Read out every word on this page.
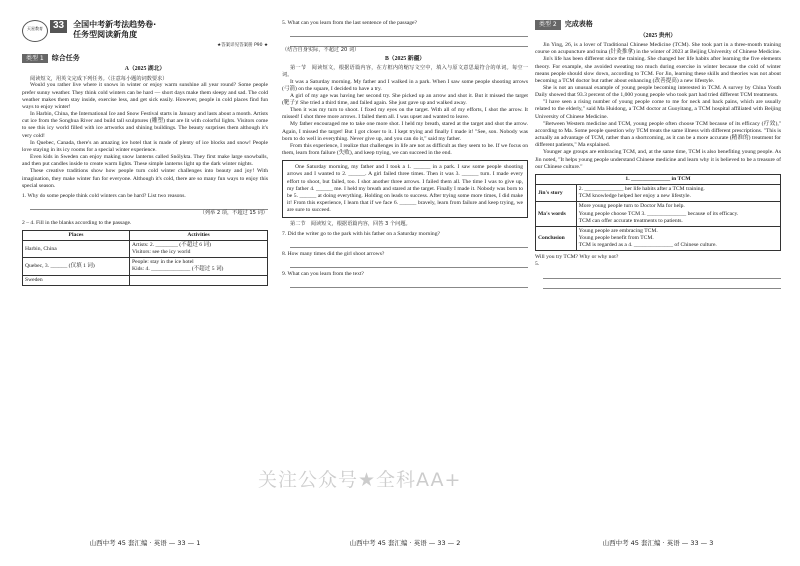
天星教育	33	全国中考新考法趋势卷·
任务型阅读新角度
★答案详见答案册 P90 ★
类型 1	综合任务
A（2025 湖北）

阅读短文，用英文完成下列任务。（注意每小题的词数要求）

Would you rather live where it snows in winter or enjoy warm sunshine all year round? Some people prefer sunny weather. They think cold winters can be hard — short days make them sleepy and sad. The cold weather makes them stay inside, exercise less, and get sick easily. However, people in cold places find fun ways to enjoy winter!

In Harbin, China, the International Ice and Snow Festival starts in January and lasts about a month. Artists cut ice from the Songhua River and build tall sculptures (雕塑) that are lit with colorful lights. Visitors come to see this icy world filled with ice artworks and shining buildings. The beauty surprises them although it's very cold!

In Quebec, Canada, there's an amazing ice hotel that is made of plenty of ice blocks and snow! People love staying in its icy rooms for a special winter experience.

Even kids in Sweden can enjoy making snow lanterns called Snölykta. They first make large snowballs, and then put candles inside to create warm lights. These simple lanterns light up the dark winter nights.

These creative traditions show how people turn cold winter challenges into beauty and joy! With imagination, they make winter fun for everyone. Although it's cold, there are so many fun ways to enjoy this special season.

1. Why do some people think cold winters can be hard? List two reasons.
（列举 2 项，不超过 15 词）
2 – 4. Fill in the blanks according to the passage.
Places	Activities
Harbin, China	Artists: 2. ________ (不超过 6 词)
Visitors: see the icy world

Quebec, 3. ______ (仅填 1 词)	People: stay in the ice hotel
Kids: 4. ______________ (不超过 5 词)

Sweden	
山西中考 45 套汇编 · 英语 — 33 — 1
5. What can you learn from the last sentence of the passage?
（结合自身实际，不超过 20 词）
B（2025 新疆）

第一节　阅读短文，根据语篇内容，在方框内的缩写文空中，填入与原文意思最符合的单词。每空一词。

It was a Saturday morning. My father and I walked in a park. When I saw some people shooting arrows (弓箭) on the square, I decided to have a try.

A girl of my age was having her second try. She picked up an arrow and shot it. But it missed the target (靶子)! She tried a third time, and failed again. She just gave up and walked away.

Then it was my turn to shoot. I fixed my eyes on the target. With all of my efforts, I shot the arrow. It missed! I shot three more arrows. I failed them all. I was upset and wanted to leave.

My father encouraged me to take one more shot. I held my breath, stared at the target and shot the arrow. Again, I missed the target! But I got closer to it. I kept trying and finally I made it! "See, son. Nobody was born to do well in everything. Never give up, and you can do it," said my father.

From this experience, I realize that challenges in life are not as difficult as they seem to be. If we focus on them, learn from failure (失败), and keep trying, we can succeed in the end.

One Saturday morning, my father and I took a 1. ______ in a park. I saw some people shooting arrows and I wanted to 2. ______. A girl failed three times. Then it was 3. ______ turn. I made every effort to shoot, but failed, too. I shot another three arrows. I failed them all. The time I was to give up, my father 4. ______ me. I held my breath and stared at the target. Finally I made it. Nobody was born to be 5. ______ at doing everything. Holding on leads to success. After trying some more times, I did make it! From this experience, I learn that if we face 6. ______ bravely, learn from failure and keep trying, we are sure to succeed.

第二节　阅读短文，根据语篇内容，回答 3 个问题。

7. Did the writer go to the park with his father on a Saturday morning?
8. How many times did the girl shoot arrows?
9. What can you learn from the text?
山西中考 45 套汇编 · 英语 — 33 — 2
类型 2	完成表格
（2025 贵州）

Jin Ying, 26, is a lover of Traditional Chinese Medicine (TCM). She took part in a three-month training course on acupuncture and tuina (针灸推拿) in the winter of 2023 at Beijing University of Chinese Medicine.

Jin's life has been different since the training. She changed her life habits after learning the five elements theory. For example, she avoided sweating too much during exercise in winter because the cold of winter means people should slow down, according to TCM. For Jin, learning these skills and theories was not about becoming a TCM doctor but rather about enhancing (改善提高) a new lifestyle.

She is not an unusual example of young people becoming interested in TCM. A survey by China Youth Daily showed that 93.3 percent of the 1,000 young people who took part had tried different TCM treatments.

"I have seen a rising number of young people come to me for neck and back pains, which are usually related to the elderly," said Ma Huidong, a TCM doctor at Guoyitang, a TCM hospital affiliated with Beijing University of Chinese Medicine.

"Between Western medicine and TCM, young people often choose TCM because of its efficacy (疗效)," according to Ma. Some people question why TCM treats the same illness with different prescriptions. "This is actually an advantage of TCM, rather than a shortcoming, as it can be a more accurate (精准的) treatment for different patients," Ma explained.

Younger age groups are embracing TCM, and, at the same time, TCM is also benefiting young people. As Jin noted, "It helps young people understand Chinese medicine and learn why it is believed to be a treasure of our Chinese culture."

1. ______________ in TCM	
Jin's story	2. ______________ her life habits after a TCM training.
TCM knowledge helped her enjoy a new lifestyle.

Ma's words	More young people turn to Doctor Ma for help.
Young people choose TCM 3. ______________ because of its efficacy.
TCM can offer accurate treatments to patients.

Conclusion	Young people are embracing TCM.
Young people benefit from TCM.
TCM is regarded as a 4. ______________ of Chinese culture.
Will you try TCM? Why or why not?
5.
山西中考 45 套汇编 · 英语 — 33 — 3
关注公众号★全科AA+
